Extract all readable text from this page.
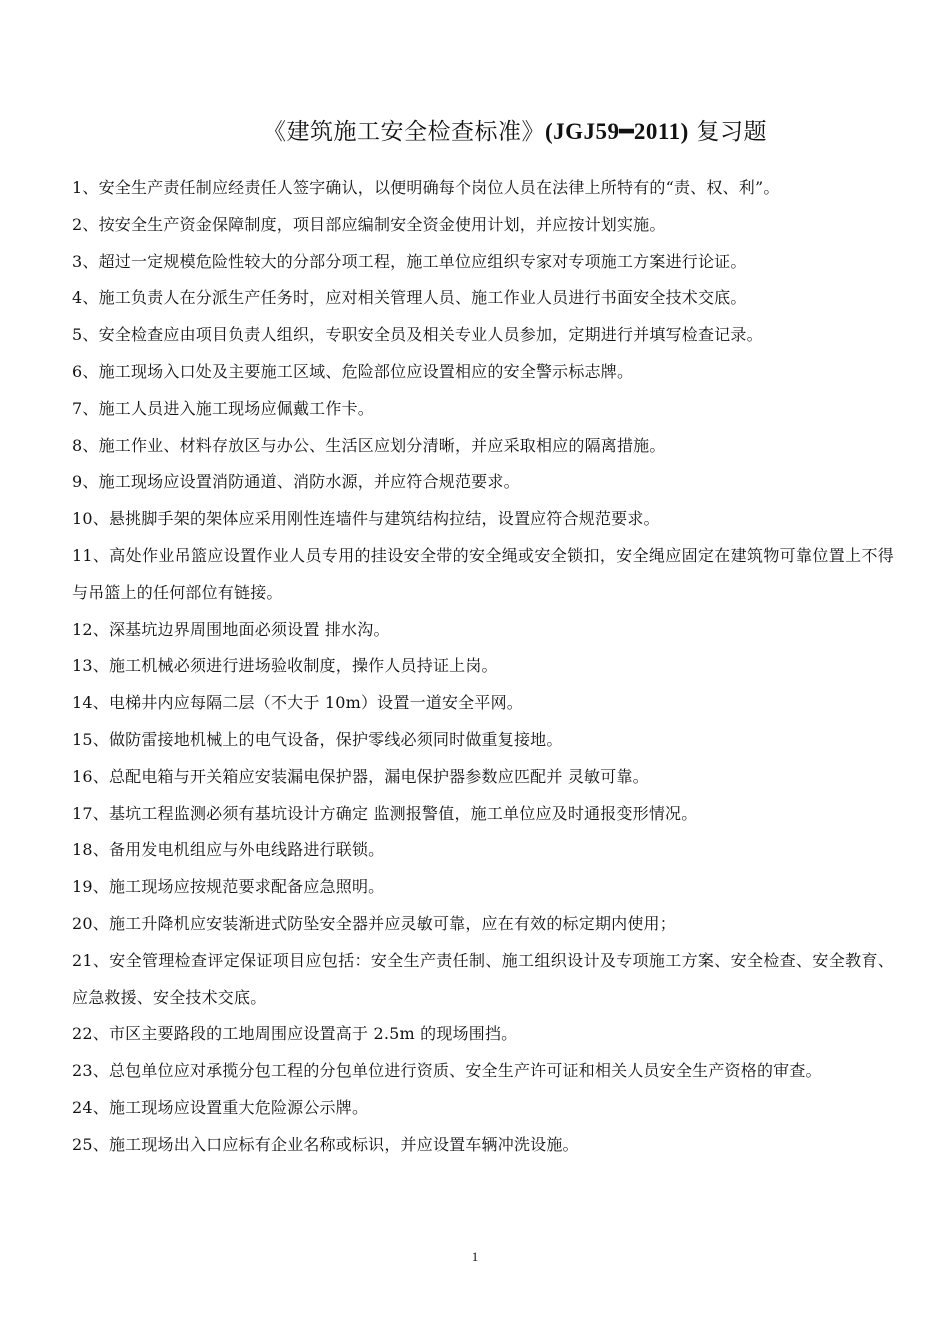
《建筑施工安全检查标准》(JGJ59━2011) 复习题
1、安全生产责任制应经责任人签字确认，以便明确每个岗位人员在法律上所特有的“责、权、利”。
2、按安全生产资金保障制度，项目部应编制安全资金使用计划，并应按计划实施。
3、超过一定规模危险性较大的分部分项工程，施工单位应组织专家对专项施工方案进行论证。
4、施工负责人在分派生产任务时，应对相关管理人员、施工作业人员进行书面安全技术交底。
5、安全检查应由项目负责人组织，专职安全员及相关专业人员参加，定期进行并填写检查记录。
6、施工现场入口处及主要施工区域、危险部位应设置相应的安全警示标志牌。
7、施工人员进入施工现场应佩戴工作卡。
8、施工作业、材料存放区与办公、生活区应划分清晰，并应采取相应的隔离措施。
9、施工现场应设置消防通道、消防水源，并应符合规范要求。
10、悬挑脚手架的架体应采用刚性连墙件与建筑结构拉结，设置应符合规范要求。
11、高处作业吊篮应设置作业人员专用的挂设安全带的安全绳或安全锁扣，安全绳应固定在建筑物可靠位置上不得与吊篮上的任何部位有链接。
12、深基坑边界周围地面必须设置 排水沟。
13、施工机械必须进行进场验收制度，操作人员持证上岗。
14、电梯井内应每隔二层（不大于 10m）设置一道安全平网。
15、做防雷接地机械上的电气设备，保护零线必须同时做重复接地。
16、总配电箱与开关箱应安装漏电保护器，漏电保护器参数应匹配并 灵敏可靠。
17、基坑工程监测必须有基坑设计方确定 监测报警值，施工单位应及时通报变形情况。
18、备用发电机组应与外电线路进行联锁。
19、施工现场应按规范要求配备应急照明。
20、施工升降机应安装渐进式防坠安全器并应灵敏可靠，应在有效的标定期内使用；
21、安全管理检查评定保证项目应包括：安全生产责任制、施工组织设计及专项施工方案、安全检查、安全教育、应急救援、安全技术交底。
22、市区主要路段的工地周围应设置高于 2.5m 的现场围挡。
23、总包单位应对承揽分包工程的分包单位进行资质、安全生产许可证和相关人员安全生产资格的审查。
24、施工现场应设置重大危险源公示牌。
25、施工现场出入口应标有企业名称或标识，并应设置车辆冲洗设施。
1
